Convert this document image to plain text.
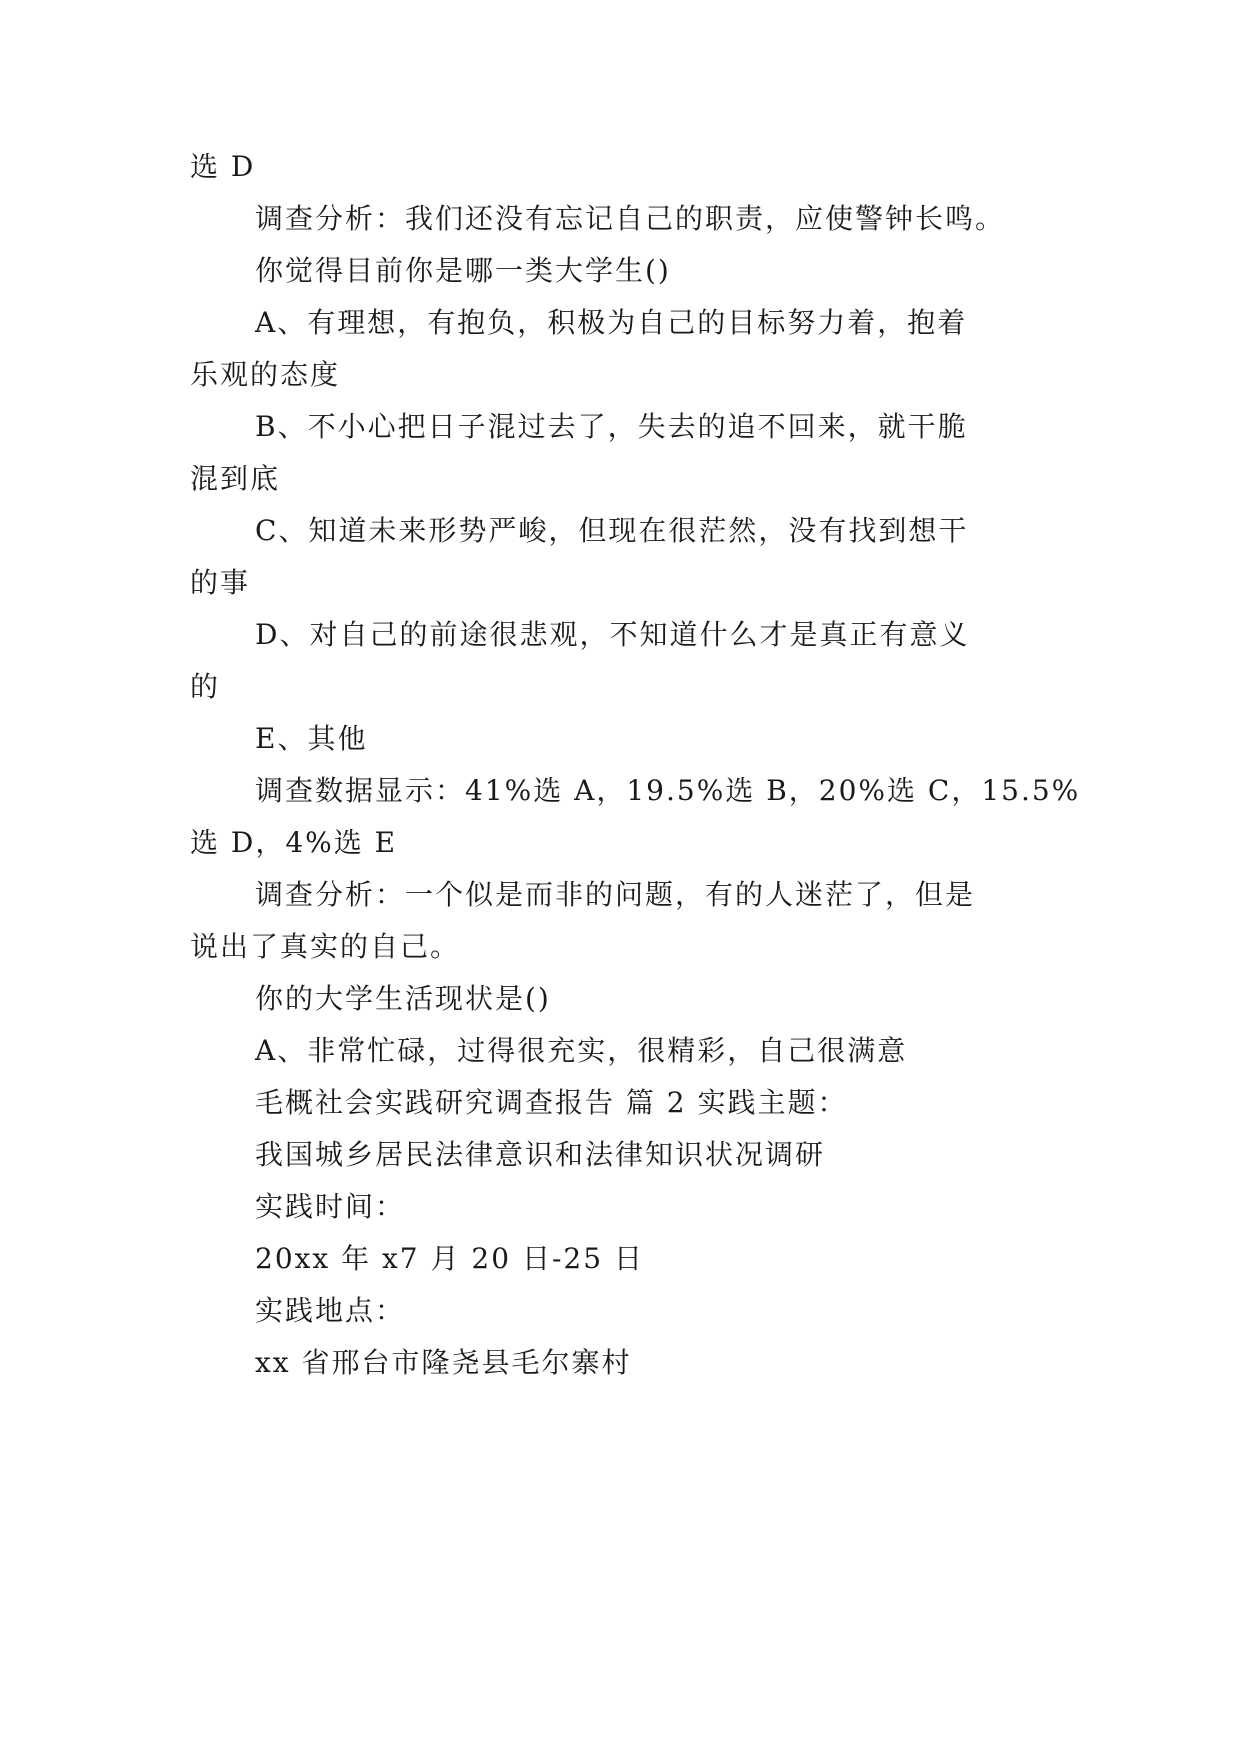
选 D
调查分析：我们还没有忘记自己的职责，应使警钟长鸣。
你觉得目前你是哪一类大学生()
A、有理想，有抱负，积极为自己的目标努力着，抱着
乐观的态度
B、不小心把日子混过去了，失去的追不回来，就干脆
混到底
C、知道未来形势严峻，但现在很茫然，没有找到想干
的事
D、对自己的前途很悲观，不知道什么才是真正有意义
的
E、其他
调查数据显示：41%选 A，19.5%选 B，20%选 C，15.5%
选 D，4%选 E
调查分析：一个似是而非的问题，有的人迷茫了，但是
说出了真实的自己。
你的大学生活现状是()
A、非常忙碌，过得很充实，很精彩，自己很满意
毛概社会实践研究调查报告 篇 2 实践主题：
我国城乡居民法律意识和法律知识状况调研
实践时间：
20xx 年 x7 月 20 日-25 日
实践地点：
xx 省邢台市隆尧县毛尔寨村
